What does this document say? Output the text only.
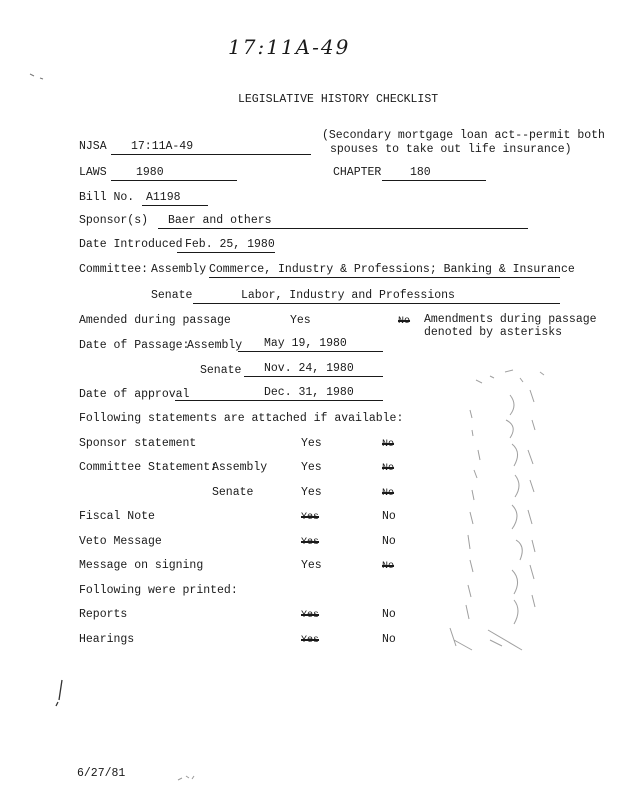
17:11A-49
LEGISLATIVE HISTORY CHECKLIST
NJSA	17:11A-49
(Secondary mortgage loan act--permit both
spouses to take out life insurance)
LAWS	1980	CHAPTER	180
Bill No.	A1198
Sponsor(s)	Baer and others
Date Introduced Feb. 25, 1980
Committee: Assembly Commerce, Industry & Professions; Banking & Insurance
Senate	Labor, Industry and Professions
Amended during passage	Yes	No Amendments during passage
denoted by asterisks
Date of Passage:
Assembly	May 19, 1980
Senate	Nov. 24, 1980
Date of approval	Dec. 31, 1980
Following statements are attached if available:
Sponsor statement	Yes	No
Committee Statement:
Assembly	Yes	No
Senate	Yes	No
Fiscal Note	Yes	No
Veto Message	Yes	No
Message on signing	Yes	No
Following were printed:
Reports	Yes	No
Hearings	Yes	No
6/27/81
